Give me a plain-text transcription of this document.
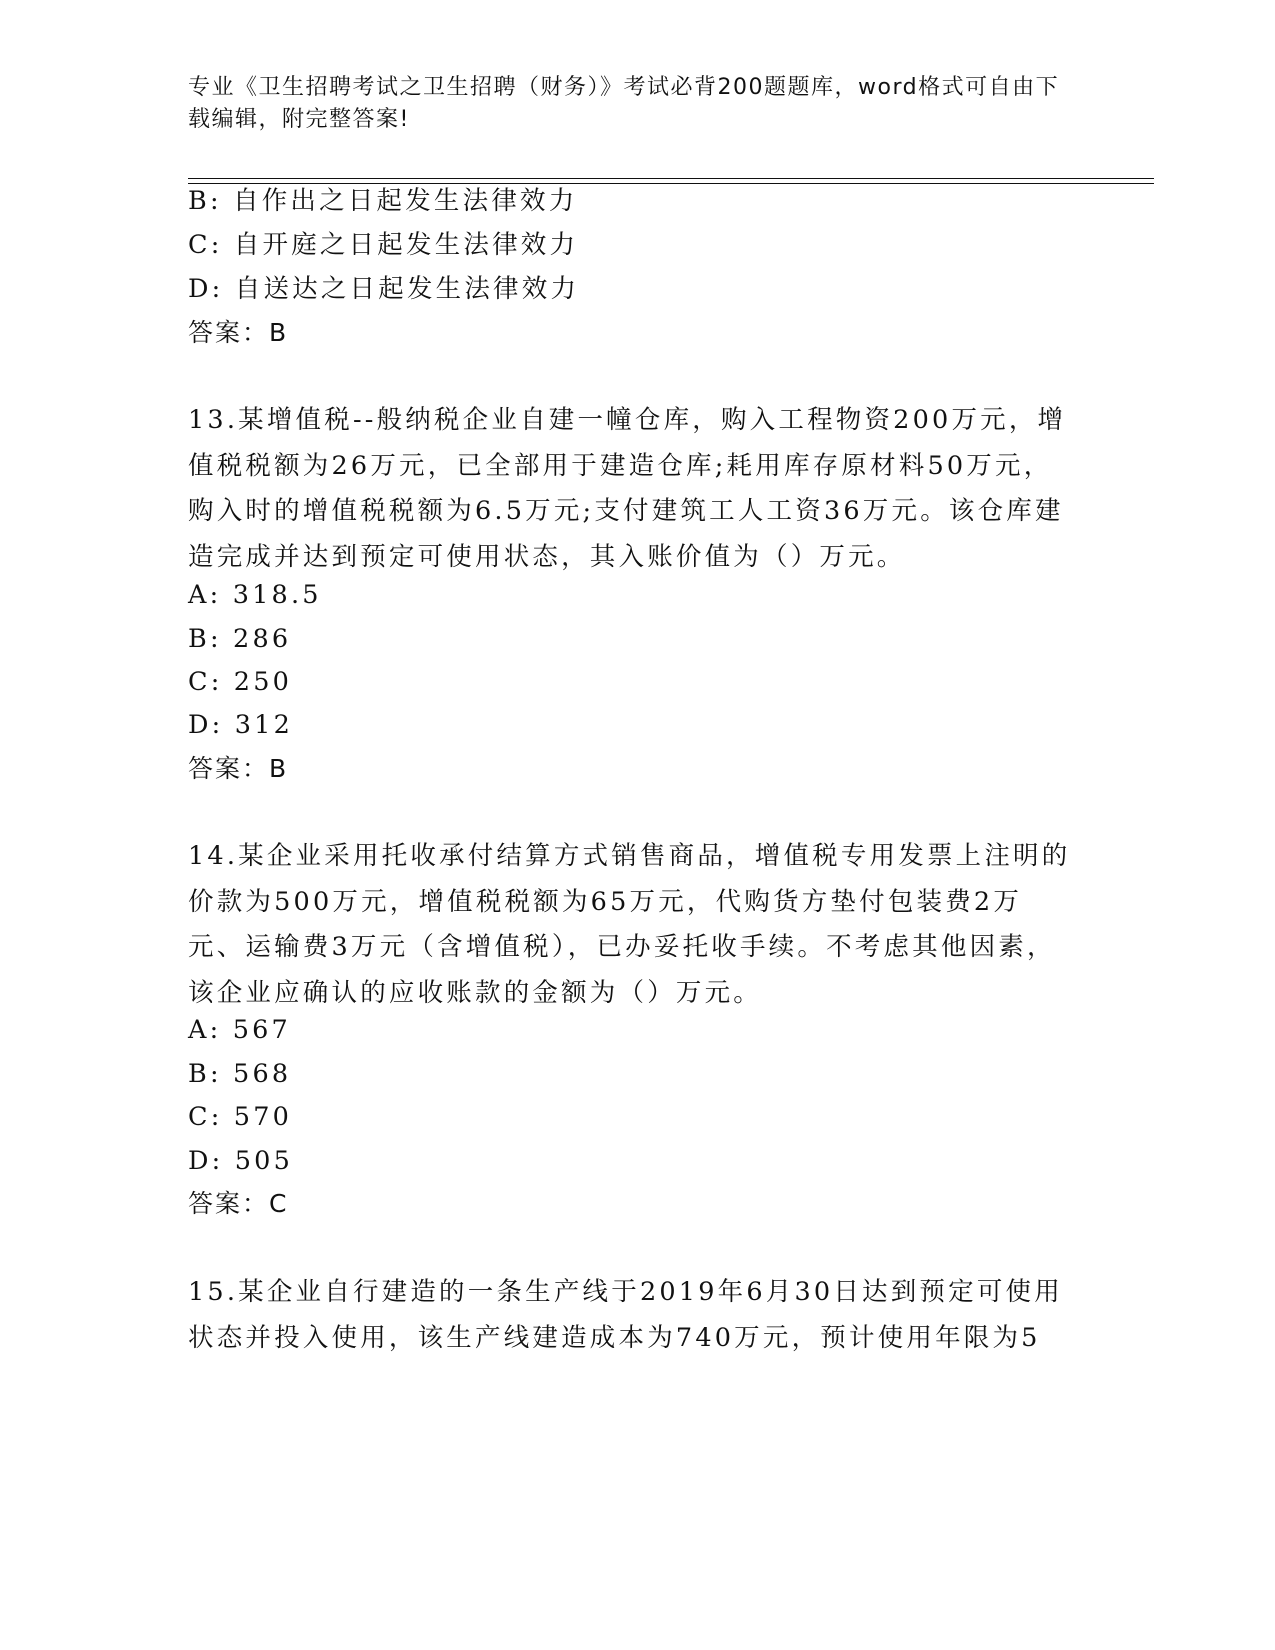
专业《卫生招聘考试之卫生招聘（财务）》考试必背200题题库，word格式可自由下载编辑，附完整答案!
B: 自作出之日起发生法律效力
C: 自开庭之日起发生法律效力
D: 自送达之日起发生法律效力
答案：B
13.某增值税--般纳税企业自建一幢仓库，购入工程物资200万元，增值税税额为26万元，已全部用于建造仓库;耗用库存原材料50万元，购入时的增值税税额为6.5万元;支付建筑工人工资36万元。该仓库建造完成并达到预定可使用状态，其入账价值为（）万元。
A: 318.5
B: 286
C: 250
D: 312
答案：B
14.某企业采用托收承付结算方式销售商品，增值税专用发票上注明的价款为500万元，增值税税额为65万元，代购货方垫付包装费2万元、运输费3万元（含增值税），已办妥托收手续。不考虑其他因素，该企业应确认的应收账款的金额为（）万元。
A: 567
B: 568
C: 570
D: 505
答案：C
15.某企业自行建造的一条生产线于2019年6月30日达到预定可使用状态并投入使用，该生产线建造成本为740万元，预计使用年限为5
